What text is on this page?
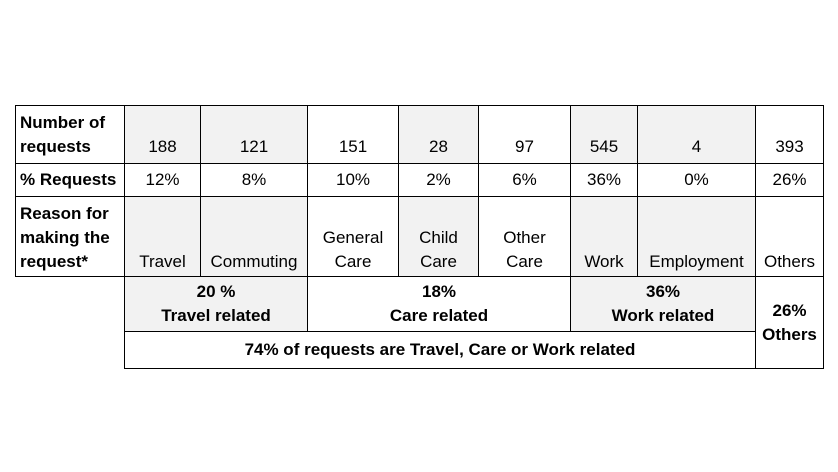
Number of
requests
% Requests
Reason for
making the
request*
188
12%
Travel
121
8%
Commuting
151
10%
General
Care
28
2%
Child
Care
97
6%
Other
Care
545
36%
Work
4
0%
Employment
393
26%
Others
20 %
Travel related
18%
Care related
36%
Work related	26%
Others
74% of requests are Travel, Care or Work related
